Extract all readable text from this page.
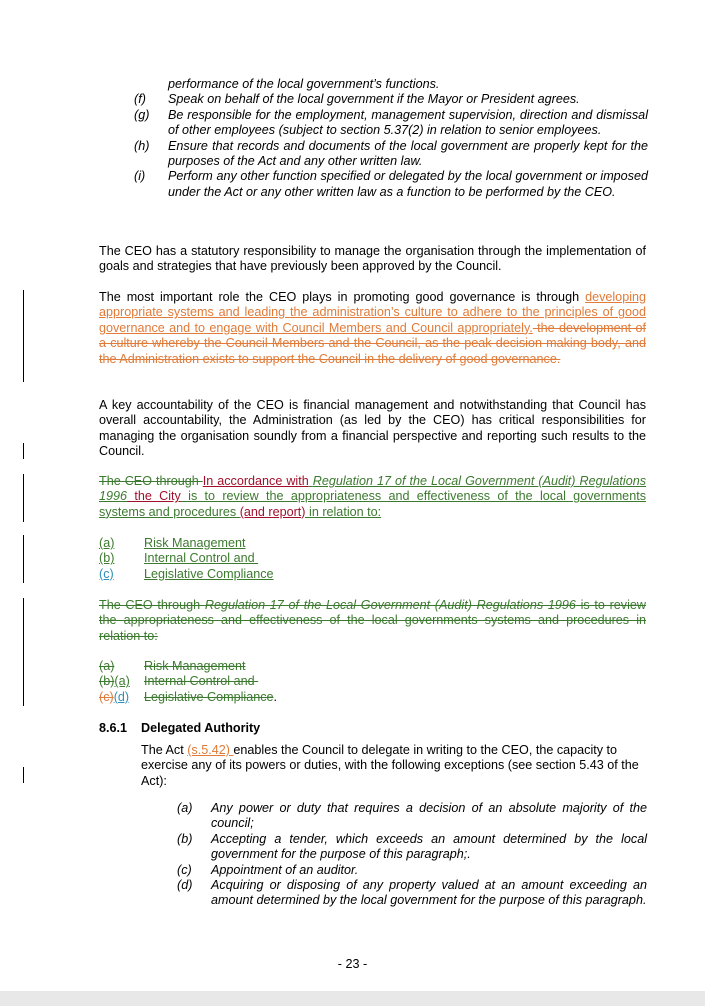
performance of the local government’s functions.
(f) Speak on behalf of the local government if the Mayor or President agrees.
(g) Be responsible for the employment, management supervision, direction and dismissal of other employees (subject to section 5.37(2) in relation to senior employees.
(h) Ensure that records and documents of the local government are properly kept for the purposes of the Act and any other written law.
(i) Perform any other function specified or delegated by the local government or imposed under the Act or any other written law as a function to be performed by the CEO.
The CEO has a statutory responsibility to manage the organisation through the implementation of goals and strategies that have previously been approved by the Council.
The most important role the CEO plays in promoting good governance is through developing appropriate systems and leading the administration’s culture to adhere to the principles of good governance and to engage with Council Members and Council appropriately. the development of a culture whereby the Council Members and the Council, as the peak decision making body, and the Administration exists to support the Council in the delivery of good governance.
A key accountability of the CEO is financial management and notwithstanding that Council has overall accountability, the Administration (as led by the CEO) has critical responsibilities for managing the organisation soundly from a financial perspective and reporting such results to the Council.
The CEO through In accordance with Regulation 17 of the Local Government (Audit) Regulations 1996 the City is to review the appropriateness and effectiveness of the local governments systems and procedures (and report) in relation to:
(a) Risk Management
(b) Internal Control and
(c) Legislative Compliance
The CEO through Regulation 17 of the Local Government (Audit) Regulations 1996 is to review the appropriateness and effectiveness of the local governments systems and procedures in relation to:
(a) Risk Management
(b)(a) Internal Control and
(c)(d) Legislative Compliance.
8.6.1 Delegated Authority
The Act (s.5.42) enables the Council to delegate in writing to the CEO, the capacity to exercise any of its powers or duties, with the following exceptions (see section 5.43 of the Act):
(a) Any power or duty that requires a decision of an absolute majority of the council;
(b) Accepting a tender, which exceeds an amount determined by the local government for the purpose of this paragraph;.
(c) Appointment of an auditor.
(d) Acquiring or disposing of any property valued at an amount exceeding an amount determined by the local government for the purpose of this paragraph.
- 23 -
